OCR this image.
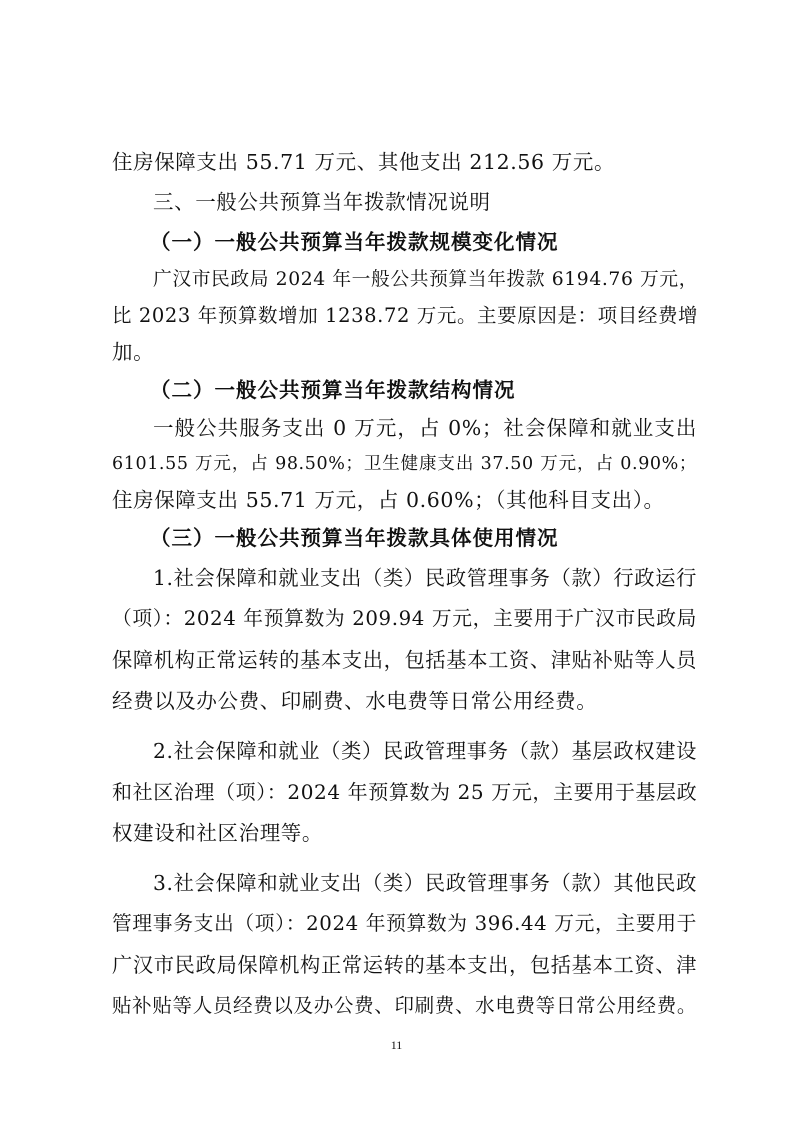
住房保障支出 55.71 万元、其他支出 212.56 万元。
三、一般公共预算当年拨款情况说明
（一）一般公共预算当年拨款规模变化情况
广汉市民政局 2024 年一般公共预算当年拨款 6194.76 万元，
比 2023 年预算数增加 1238.72 万元。主要原因是：项目经费增
加。
（二）一般公共预算当年拨款结构情况
一般公共服务支出 0 万元，占 0%；社会保障和就业支出
6101.55 万元，占 98.50%；卫生健康支出 37.50 万元，占 0.90%；
住房保障支出 55.71 万元，占 0.60%；（其他科目支出）。
（三）一般公共预算当年拨款具体使用情况
1.社会保障和就业支出（类）民政管理事务（款）行政运行
（项）：2024 年预算数为 209.94 万元，主要用于广汉市民政局
保障机构正常运转的基本支出，包括基本工资、津贴补贴等人员
经费以及办公费、印刷费、水电费等日常公用经费。
2.社会保障和就业（类）民政管理事务（款）基层政权建设
和社区治理（项）：2024 年预算数为 25 万元，主要用于基层政
权建设和社区治理等。
3.社会保障和就业支出（类）民政管理事务（款）其他民政
管理事务支出（项）：2024 年预算数为 396.44 万元，主要用于
广汉市民政局保障机构正常运转的基本支出，包括基本工资、津
贴补贴等人员经费以及办公费、印刷费、水电费等日常公用经费。
11
